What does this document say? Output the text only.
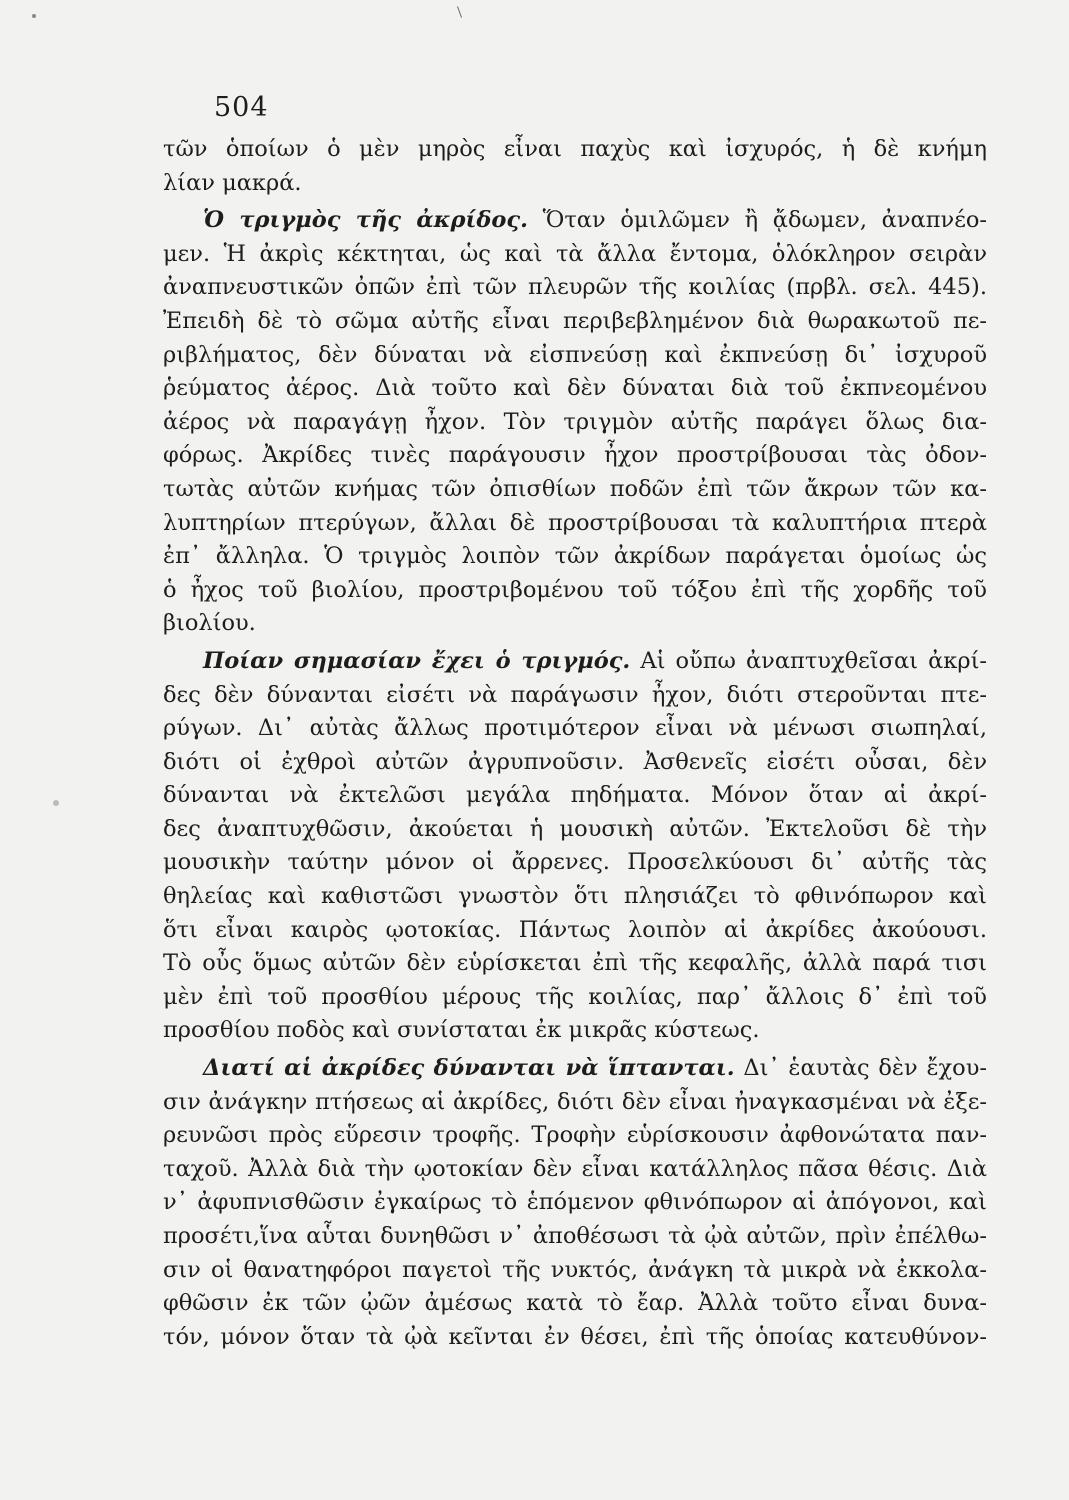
504
τῶν ὁποίων ὁ μὲν μηρὸς εἶναι παχὺς καὶ ἰσχυρός, ἡ δὲ κνήμη
λίαν μακρά.
Ὁ τριγμὸς τῆς ἀκρίδος. Ὅταν ὁμιλῶμεν ἢ ᾄδωμεν, ἀναπνέο-
μεν. Ἡ ἀκρὶς κέκτηται, ὡς καὶ τὰ ἄλλα ἔντομα, ὁλόκληρον σειρὰν
ἀναπνευστικῶν ὀπῶν ἐπὶ τῶν πλευρῶν τῆς κοιλίας (πρβλ. σελ. 445).
Ἐπειδὴ δὲ τὸ σῶμα αὐτῆς εἶναι περιβεβλημένον διὰ θωρακωτοῦ πε-
ριβλήματος, δὲν δύναται νὰ εἰσπνεύσῃ καὶ ἐκπνεύσῃ δι᾽ ἰσχυροῦ
ῥεύματος ἀέρος. Διὰ τοῦτο καὶ δὲν δύναται διὰ τοῦ ἐκπνεομένου
ἀέρος νὰ παραγάγῃ ἦχον. Τὸν τριγμὸν αὐτῆς παράγει ὅλως δια-
φόρως. Ἀκρίδες τινὲς παράγουσιν ἦχον προστρίβουσαι τὰς ὀδον-
τωτὰς αὐτῶν κνήμας τῶν ὀπισθίων ποδῶν ἐπὶ τῶν ἄκρων τῶν κα-
λυπτηρίων πτερύγων, ἄλλαι δὲ προστρίβουσαι τὰ καλυπτήρια πτερὰ
ἐπ᾽ ἄλληλα. Ὁ τριγμὸς λοιπὸν τῶν ἀκρίδων παράγεται ὁμοίως ὡς
ὁ ἦχος τοῦ βιολίου, προστριβομένου τοῦ τόξου ἐπὶ τῆς χορδῆς τοῦ
βιολίου.
Ποίαν σημασίαν ἔχει ὁ τριγμός. Αἱ οὔπω ἀναπτυχθεῖσαι ἀκρί-
δες δὲν δύνανται εἰσέτι νὰ παράγωσιν ἦχον, διότι στεροῦνται πτε-
ρύγων. Δι᾽ αὐτὰς ἄλλως προτιμότερον εἶναι νὰ μένωσι σιωπηλαί,
διότι οἱ ἐχθροὶ αὐτῶν ἀγρυπνοῦσιν. Ἀσθενεῖς εἰσέτι οὖσαι, δὲν
δύνανται νὰ ἐκτελῶσι μεγάλα πηδήματα. Μόνον ὅταν αἱ ἀκρί-
δες ἀναπτυχθῶσιν, ἀκούεται ἡ μουσικὴ αὐτῶν. Ἐκτελοῦσι δὲ τὴν
μουσικὴν ταύτην μόνον οἱ ἄρρενες. Προσελκύουσι δι᾽ αὐτῆς τὰς
θηλείας καὶ καθιστῶσι γνωστὸν ὅτι πλησιάζει τὸ φθινόπωρον καὶ
ὅτι εἶναι καιρὸς ῳοτοκίας. Πάντως λοιπὸν αἱ ἀκρίδες ἀκούουσι.
Τὸ οὖς ὅμως αὐτῶν δὲν εὑρίσκεται ἐπὶ τῆς κεφαλῆς, ἀλλὰ παρά τισι
μὲν ἐπὶ τοῦ προσθίου μέρους τῆς κοιλίας, παρ᾽ ἄλλοις δ᾽ ἐπὶ τοῦ
προσθίου ποδὸς καὶ συνίσταται ἐκ μικρᾶς κύστεως.
Διατί αἱ ἀκρίδες δύνανται νὰ ἵπτανται. Δι᾽ ἑαυτὰς δὲν ἔχου-
σιν ἀνάγκην πτήσεως αἱ ἀκρίδες, διότι δὲν εἶναι ἠναγκασμέναι νὰ ἐξε-
ρευνῶσι πρὸς εὕρεσιν τροφῆς. Τροφὴν εὑρίσκουσιν ἀφθονώτατα παν-
ταχοῦ. Ἀλλὰ διὰ τὴν ῳοτοκίαν δὲν εἶναι κατάλληλος πᾶσα θέσις. Διὰ
ν᾽ ἀφυπνισθῶσιν ἐγκαίρως τὸ ἑπόμενον φθινόπωρον αἱ ἀπόγονοι, καὶ
προσέτι,ἵνα αὗται δυνηθῶσι ν᾽ ἀποθέσωσι τὰ ᾠὰ αὐτῶν, πρὶν ἐπέλθω-
σιν οἱ θανατηφόροι παγετοὶ τῆς νυκτός, ἀνάγκη τὰ μικρὰ νὰ ἐκκολα-
φθῶσιν ἐκ τῶν ᾠῶν ἀμέσως κατὰ τὸ ἔαρ. Ἀλλὰ τοῦτο εἶναι δυνα-
τόν, μόνον ὅταν τὰ ᾠὰ κεῖνται ἐν θέσει, ἐπὶ τῆς ὁποίας κατευθύνον-
